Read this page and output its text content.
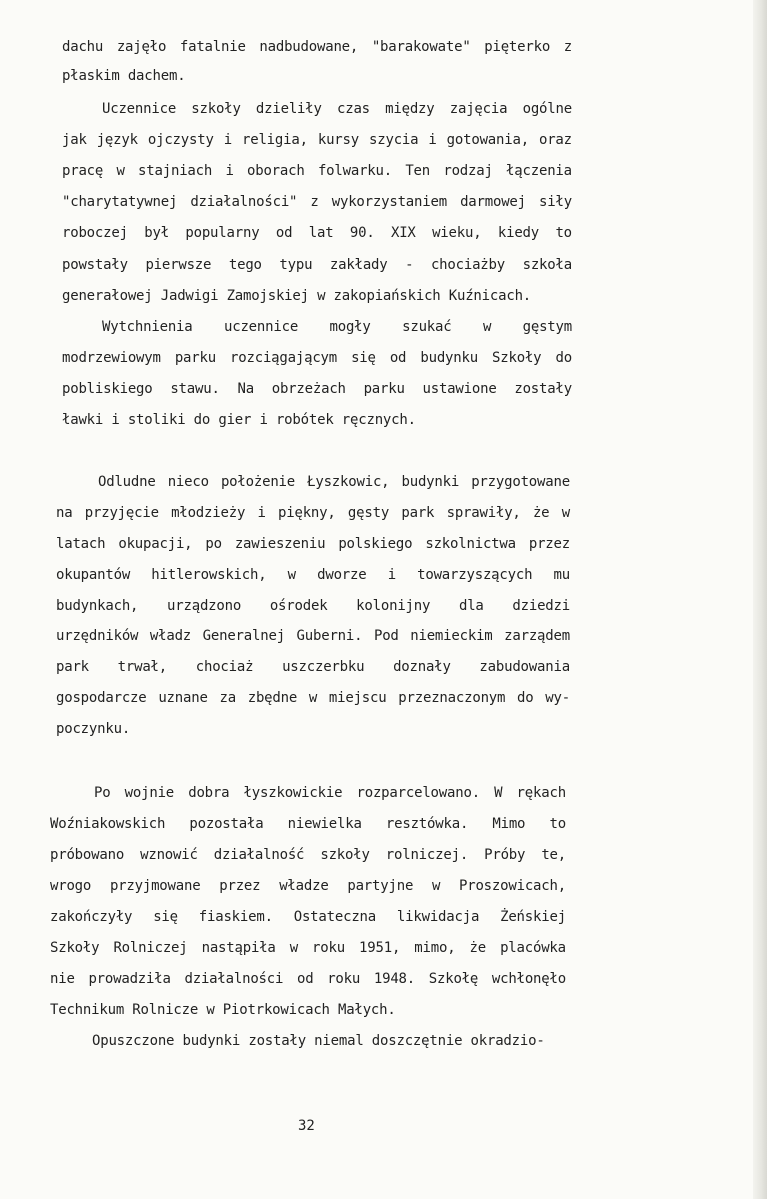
dachu zajęło fatalnie nadbudowane, "barakowate" pięterko z
płaskim dachem.
Uczennice szkoły dzieliły czas między zajęcia ogólne
jak język ojczysty i religia, kursy szycia i gotowania, oraz
pracę w stajniach i oborach folwarku. Ten rodzaj łączenia
"charytatywnej działalności" z wykorzystaniem darmowej siły
roboczej był popularny od lat 90. XIX wieku, kiedy to
powstały pierwsze tego typu zakłady - chociażby szkoła
generałowej Jadwigi Zamojskiej w zakopiańskich Kuźnicach.
Wytchnienia uczennice mogły szukać w gęstym
modrzewiowym parku rozciągającym się od budynku Szkoły do
pobliskiego stawu. Na obrzeżach parku ustawione zostały
ławki i stoliki do gier i robótek ręcznych.
Odludne nieco położenie Łyszkowic, budynki przygotowane
na przyjęcie młodzieży i piękny, gęsty park sprawiły, że w
latach okupacji, po zawieszeniu polskiego szkolnictwa przez
okupantów hitlerowskich, w dworze i towarzyszących mu
budynkach, urządzono ośrodek kolonijny dla dziedzi
urzędników władz Generalnej Guberni. Pod niemieckim zarządem
park trwał, chociaż uszczerbku doznały zabudowania
gospodarcze uznane za zbędne w miejscu przeznaczonym do wy-
poczynku.
Po wojnie dobra łyszkowickie rozparcelowano. W rękach
Woźniakowskich pozostała niewielka resztówka. Mimo to
próbowano wznowić działalność szkoły rolniczej. Próby te,
wrogo przyjmowane przez władze partyjne w Proszowicach,
zakończyły się fiaskiem. Ostateczna likwidacja Żeńskiej
Szkoły Rolniczej nastąpiła w roku 1951, mimo, że placówka
nie prowadziła działalności od roku 1948. Szkołę wchłonęło
Technikum Rolnicze w Piotrkowicach Małych.
Opuszczone budynki zostały niemal doszczętnie okradzio-
32
